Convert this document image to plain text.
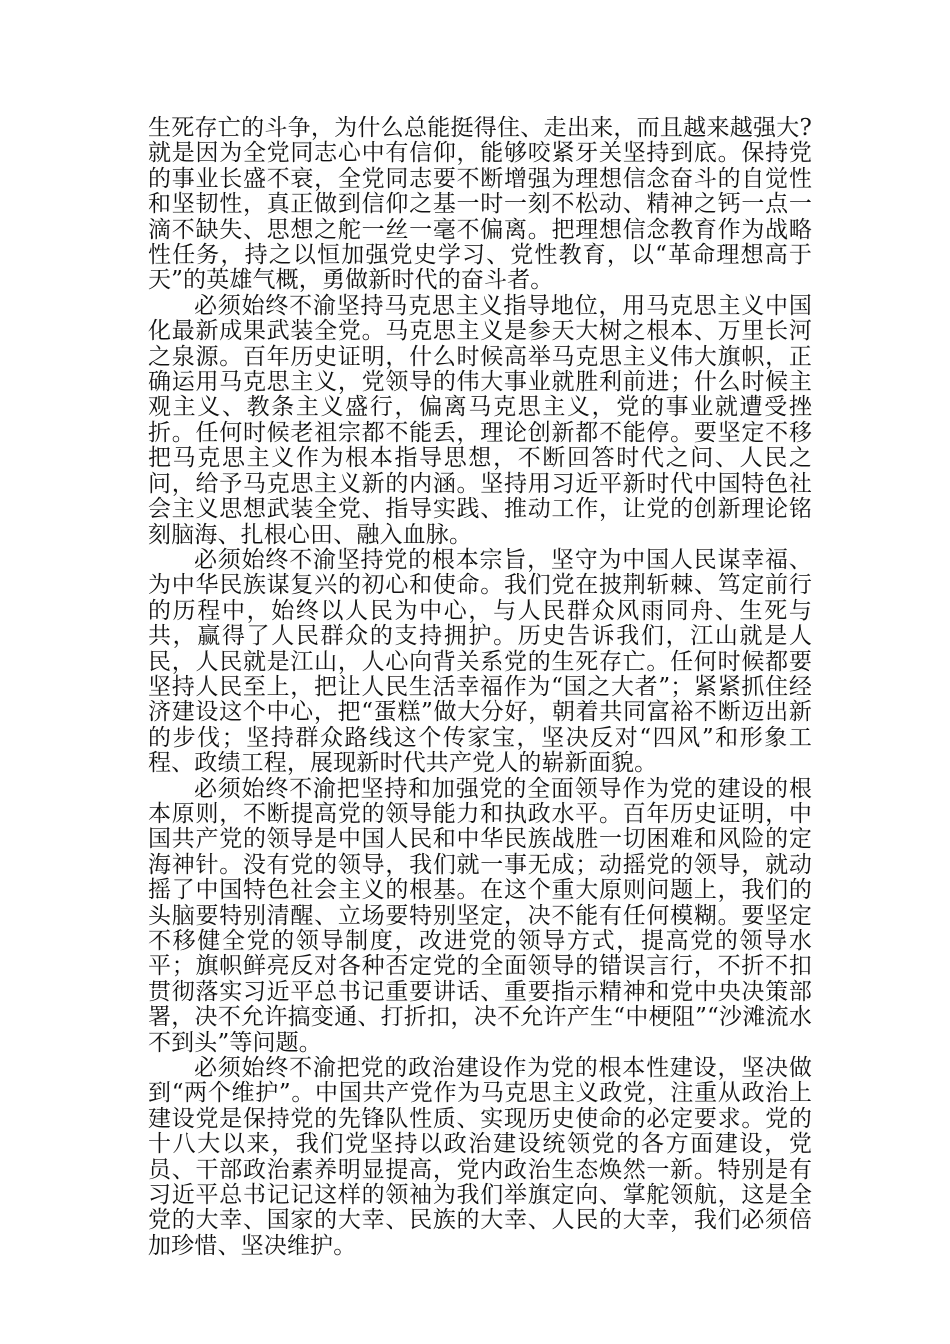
生死存亡的斗争，为什么总能挺得住、走出来，而且越来越强大?就是因为全党同志心中有信仰，能够咬紧牙关坚持到底。保持党的事业长盛不衰，全党同志要不断增强为理想信念奋斗的自觉性和坚韧性，真正做到信仰之基一时一刻不松动、精神之钙一点一滴不缺失、思想之舵一丝一毫不偏离。把理想信念教育作为战略性任务，持之以恒加强党史学习、党性教育，以“革命理想高于天”的英雄气概，勇做新时代的奋斗者。

必须始终不渝坚持马克思主义指导地位，用马克思主义中国化最新成果武装全党。马克思主义是参天大树之根本、万里长河之泉源。百年历史证明，什么时候高举马克思主义伟大旗帜，正确运用马克思主义，党领导的伟大事业就胜利前进；什么时候主观主义、教条主义盛行，偏离马克思主义，党的事业就遭受挫折。任何时候老祖宗都不能丢，理论创新都不能停。要坚定不移把马克思主义作为根本指导思想，不断回答时代之问、人民之问，给予马克思主义新的内涵。坚持用习近平新时代中国特色社会主义思想武装全党、指导实践、推动工作，让党的创新理论铭刻脑海、扎根心田、融入血脉。

必须始终不渝坚持党的根本宗旨，坚守为中国人民谋幸福、为中华民族谋复兴的初心和使命。我们党在披荆斩棘、笃定前行的历程中，始终以人民为中心，与人民群众风雨同舟、生死与共，赢得了人民群众的支持拥护。历史告诉我们，江山就是人民，人民就是江山，人心向背关系党的生死存亡。任何时候都要坚持人民至上，把让人民生活幸福作为“国之大者”；紧紧抓住经济建设这个中心，把“蛋糕”做大分好，朝着共同富裕不断迈出新的步伐；坚持群众路线这个传家宝，坚决反对“四风”和形象工程、政绩工程，展现新时代共产党人的崭新面貌。

必须始终不渝把坚持和加强党的全面领导作为党的建设的根本原则，不断提高党的领导能力和执政水平。百年历史证明，中国共产党的领导是中国人民和中华民族战胜一切困难和风险的定海神针。没有党的领导，我们就一事无成；动摇党的领导，就动摇了中国特色社会主义的根基。在这个重大原则问题上，我们的头脑要特别清醒、立场要特别坚定，决不能有任何模糊。要坚定不移健全党的领导制度，改进党的领导方式，提高党的领导水平；旗帜鲜亮反对各种否定党的全面领导的错误言行，不折不扣贯彻落实习近平总书记重要讲话、重要指示精神和党中央决策部署，决不允许搞变通、打折扣，决不允许产生“中梗阻”“沙滩流水不到头”等问题。

必须始终不渝把党的政治建设作为党的根本性建设，坚决做到“两个维护”。中国共产党作为马克思主义政党，注重从政治上建设党是保持党的先锋队性质、实现历史使命的必定要求。党的十八大以来，我们党坚持以政治建设统领党的各方面建设，党员、干部政治素养明显提高，党内政治生态焕然一新。特别是有习近平总书记记这样的领袖为我们举旗定向、掌舵领航，这是全党的大幸、国家的大幸、民族的大幸、人民的大幸，我们必须倍加珍惜、坚决维护。
